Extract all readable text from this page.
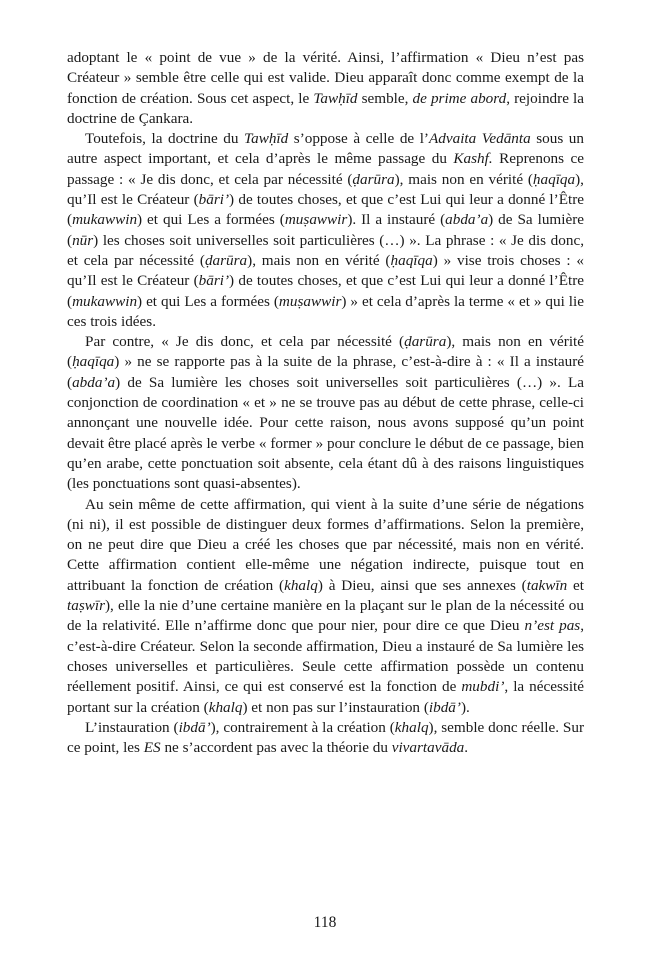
adoptant le « point de vue » de la vérité. Ainsi, l’affirmation « Dieu n’est pas Créateur » semble être celle qui est valide. Dieu apparaît donc comme exempt de la fonction de création. Sous cet aspect, le Tawḥīd semble, de prime abord, rejoindre la doctrine de Çankara.

Toutefois, la doctrine du Tawḥīd s’oppose à celle de l’Advaita Vedānta sous un autre aspect important, et cela d’après le même passage du Kashf. Reprenons ce passage : « Je dis donc, et cela par nécessité (ḍarūra), mais non en vérité (ḥaqīqa), qu’Il est le Créateur (bāri’) de toutes choses, et que c’est Lui qui leur a donné l’Être (mukawwin) et qui Les a formées (muṣawwir). Il a instauré (abda’a) de Sa lumière (nūr) les choses soit universelles soit particulières (…) ». La phrase : « Je dis donc, et cela par nécessité (ḍarūra), mais non en vérité (ḥaqīqa) » vise trois choses : « qu’Il est le Créateur (bāri’) de toutes choses, et que c’est Lui qui leur a donné l’Être (mukawwin) et qui Les a formées (muṣawwir) » et cela d’après la terme « et » qui lie ces trois idées.

Par contre, « Je dis donc, et cela par nécessité (ḍarūra), mais non en vérité (ḥaqīqa) » ne se rapporte pas à la suite de la phrase, c’est-à-dire à : « Il a instauré (abda’a) de Sa lumière les choses soit universelles soit particulières (…) ». La conjonction de coordination « et » ne se trouve pas au début de cette phrase, celle-ci annonçant une nouvelle idée. Pour cette raison, nous avons supposé qu’un point devait être placé après le verbe « former » pour conclure le début de ce passage, bien qu’en arabe, cette ponctuation soit absente, cela étant dû à des raisons linguistiques (les ponctuations sont quasi-absentes).

Au sein même de cette affirmation, qui vient à la suite d’une série de négations (ni ni), il est possible de distinguer deux formes d’affirmations. Selon la première, on ne peut dire que Dieu a créé les choses que par nécessité, mais non en vérité. Cette affirmation contient elle-même une négation indirecte, puisque tout en attribuant la fonction de création (khalq) à Dieu, ainsi que ses annexes (takwīn et taṣwīr), elle la nie d’une certaine manière en la plaçant sur le plan de la nécessité ou de la relativité. Elle n’affirme donc que pour nier, pour dire ce que Dieu n’est pas, c’est-à-dire Créateur. Selon la seconde affirmation, Dieu a instauré de Sa lumière les choses universelles et particulières. Seule cette affirmation possède un contenu réellement positif. Ainsi, ce qui est conservé est la fonction de mubdi’, la nécessité portant sur la création (khalq) et non pas sur l’instauration (ibdā’).

L’instauration (ibdā’), contrairement à la création (khalq), semble donc réelle. Sur ce point, les ES ne s’accordent pas avec la théorie du vivartavāda.

118
